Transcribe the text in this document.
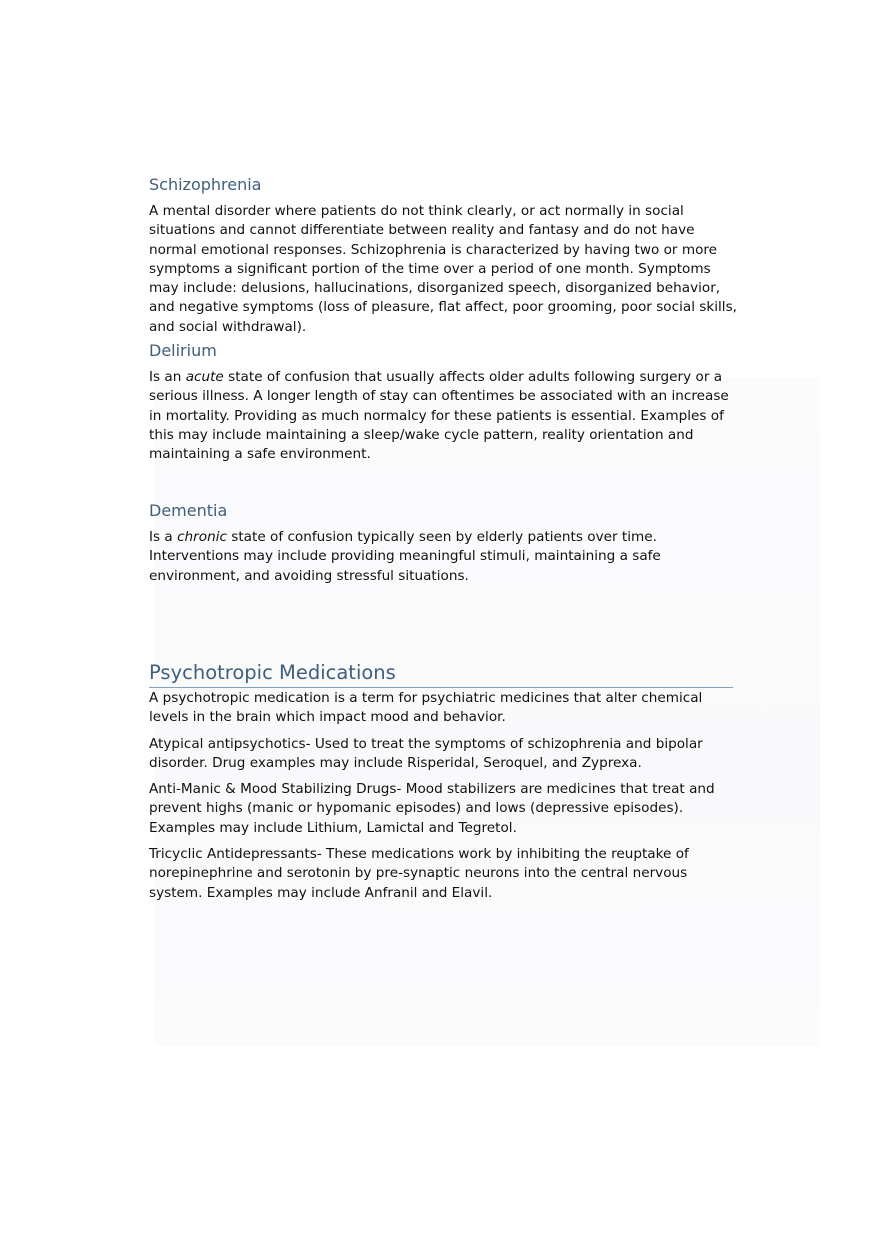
Schizophrenia

A mental disorder where patients do not think clearly, or act normally in social situations and cannot differentiate between reality and fantasy and do not have normal emotional responses. Schizophrenia is characterized by having two or more symptoms a significant portion of the time over a period of one month. Symptoms may include: delusions, hallucinations, disorganized speech, disorganized behavior, and negative symptoms (loss of pleasure, flat affect, poor grooming, poor social skills, and social withdrawal).

Delirium

Is an acute state of confusion that usually affects older adults following surgery or a serious illness. A longer length of stay can oftentimes be associated with an increase in mortality. Providing as much normalcy for these patients is essential. Examples of this may include maintaining a sleep/wake cycle pattern, reality orientation and maintaining a safe environment.

Dementia

Is a chronic state of confusion typically seen by elderly patients over time. Interventions may include providing meaningful stimuli, maintaining a safe environment, and avoiding stressful situations.

Psychotropic Medications

A psychotropic medication is a term for psychiatric medicines that alter chemical levels in the brain which impact mood and behavior.

Atypical antipsychotics- Used to treat the symptoms of schizophrenia and bipolar disorder. Drug examples may include Risperidal, Seroquel, and Zyprexa.

Anti-Manic & Mood Stabilizing Drugs- Mood stabilizers are medicines that treat and prevent highs (manic or hypomanic episodes) and lows (depressive episodes). Examples may include Lithium, Lamictal and Tegretol.

Tricyclic Antidepressants- These medications work by inhibiting the reuptake of norepinephrine and serotonin by pre-synaptic neurons into the central nervous system. Examples may include Anfranil and Elavil.
